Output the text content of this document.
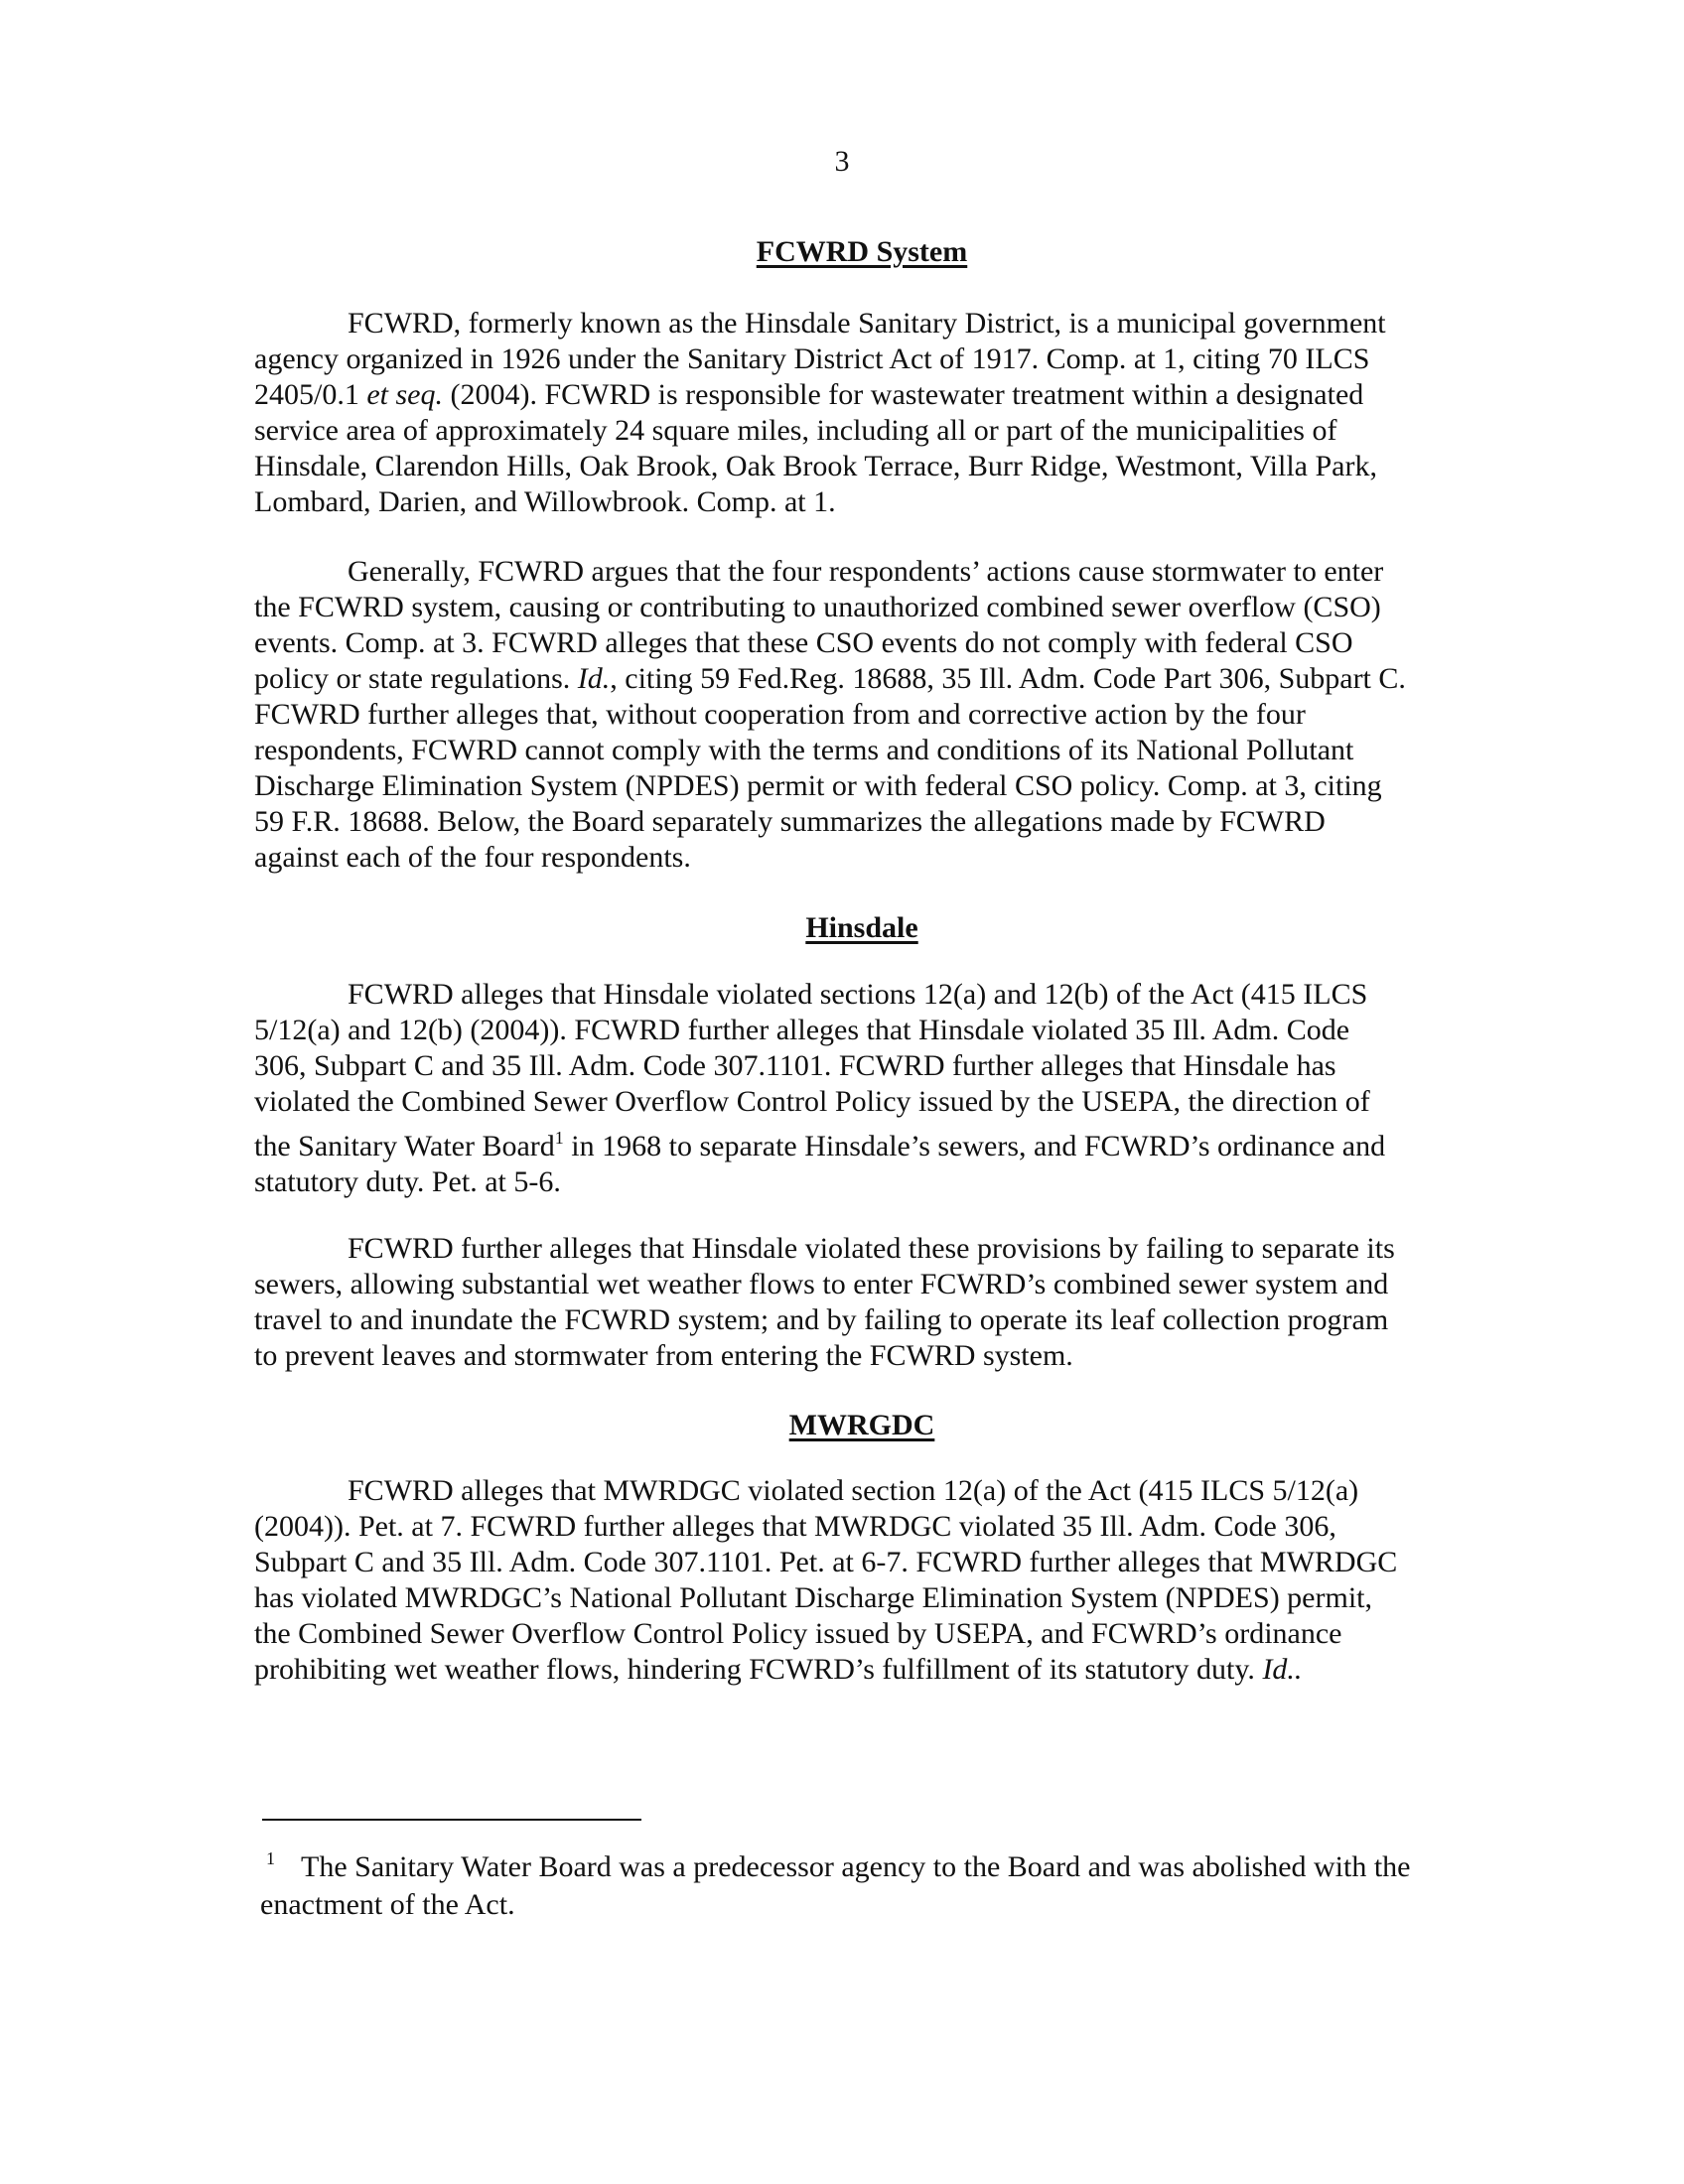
3
FCWRD System

FCWRD, formerly known as the Hinsdale Sanitary District, is a municipal government
agency organized in 1926 under the Sanitary District Act of 1917. Comp. at 1, citing 70 ILCS
2405/0.1 et seq. (2004). FCWRD is responsible for wastewater treatment within a designated
service area of approximately 24 square miles, including all or part of the municipalities of
Hinsdale, Clarendon Hills, Oak Brook, Oak Brook Terrace, Burr Ridge, Westmont, Villa Park,
Lombard, Darien, and Willowbrook. Comp. at 1.

Generally, FCWRD argues that the four respondents’ actions cause stormwater to enter
the FCWRD system, causing or contributing to unauthorized combined sewer overflow (CSO)
events. Comp. at 3. FCWRD alleges that these CSO events do not comply with federal CSO
policy or state regulations. Id., citing 59 Fed.Reg. 18688, 35 Ill. Adm. Code Part 306, Subpart C.
FCWRD further alleges that, without cooperation from and corrective action by the four
respondents, FCWRD cannot comply with the terms and conditions of its National Pollutant
Discharge Elimination System (NPDES) permit or with federal CSO policy. Comp. at 3, citing
59 F.R. 18688. Below, the Board separately summarizes the allegations made by FCWRD
against each of the four respondents.

Hinsdale

FCWRD alleges that Hinsdale violated sections 12(a) and 12(b) of the Act (415 ILCS
5/12(a) and 12(b) (2004)). FCWRD further alleges that Hinsdale violated 35 Ill. Adm. Code
306, Subpart C and 35 Ill. Adm. Code 307.1101. FCWRD further alleges that Hinsdale has
violated the Combined Sewer Overflow Control Policy issued by the USEPA, the direction of
the Sanitary Water Board$^1$ in 1968 to separate Hinsdale’s sewers, and FCWRD’s ordinance and
statutory duty. Pet. at 5-6.

FCWRD further alleges that Hinsdale violated these provisions by failing to separate its
sewers, allowing substantial wet weather flows to enter FCWRD’s combined sewer system and
travel to and inundate the FCWRD system; and by failing to operate its leaf collection program
to prevent leaves and stormwater from entering the FCWRD system.

MWRGDC

FCWRD alleges that MWRDGC violated section 12(a) of the Act (415 ILCS 5/12(a)
(2004)). Pet. at 7. FCWRD further alleges that MWRDGC violated 35 Ill. Adm. Code 306,
Subpart C and 35 Ill. Adm. Code 307.1101. Pet. at 6-7. FCWRD further alleges that MWRDGC
has violated MWRDGC’s National Pollutant Discharge Elimination System (NPDES) permit,
the Combined Sewer Overflow Control Policy issued by USEPA, and FCWRD’s ordinance
prohibiting wet weather flows, hindering FCWRD’s fulfillment of its statutory duty. Id..

$^1$ The Sanitary Water Board was a predecessor agency to the Board and was abolished with the
enactment of the Act.
